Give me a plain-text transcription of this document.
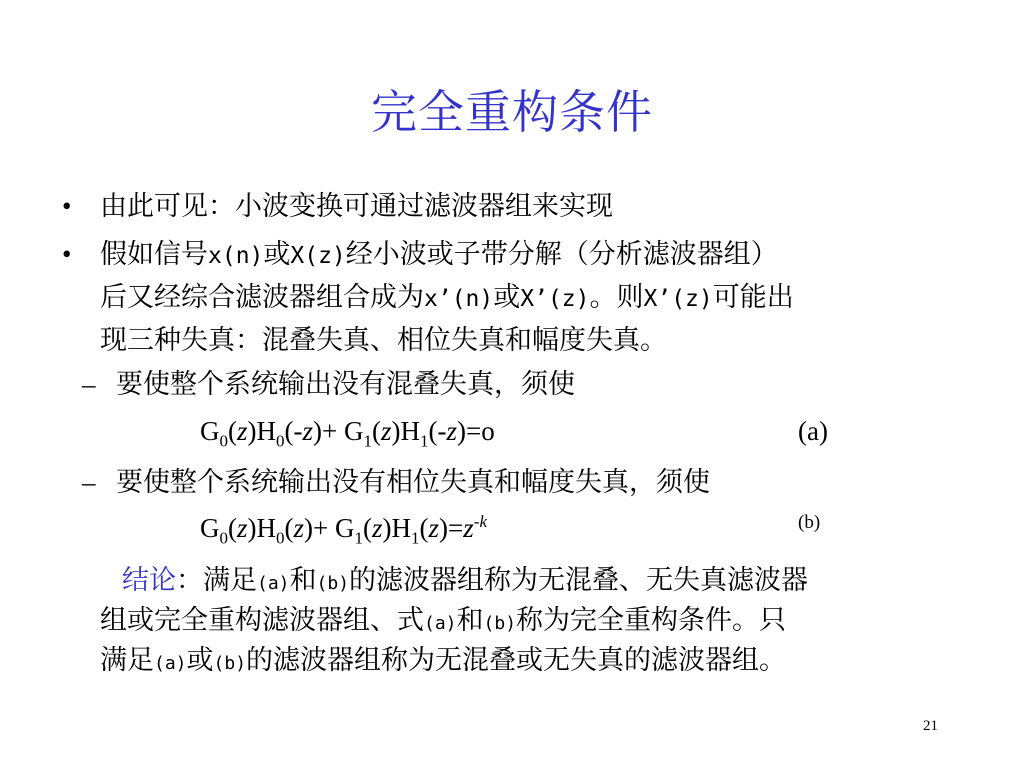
完全重构条件
•	由此可见：小波变换可通过滤波器组来实现
•	假如信号x(n)或X(z)经小波或子带分解（分析滤波器组）
后又经综合滤波器组合成为x’(n)或X’(z)。则X’(z)可能出
现三种失真：混叠失真、相位失真和幅度失真。
– 要使整个系统输出没有混叠失真，须使
$G_0(z)H_0(-z)+ G_1(z)H_1(-z)=o$	(a)
– 要使整个系统输出没有相位失真和幅度失真，须使
$G_0(z)H_0(z)+ G_1(z)H_1(z)=z^{-k}$	(b)
结论：满足(a)和(b)的滤波器组称为无混叠、无失真滤波器
组或完全重构滤波器组、式(a)和(b)称为完全重构条件。只
满足(a)或(b)的滤波器组称为无混叠或无失真的滤波器组。
21
